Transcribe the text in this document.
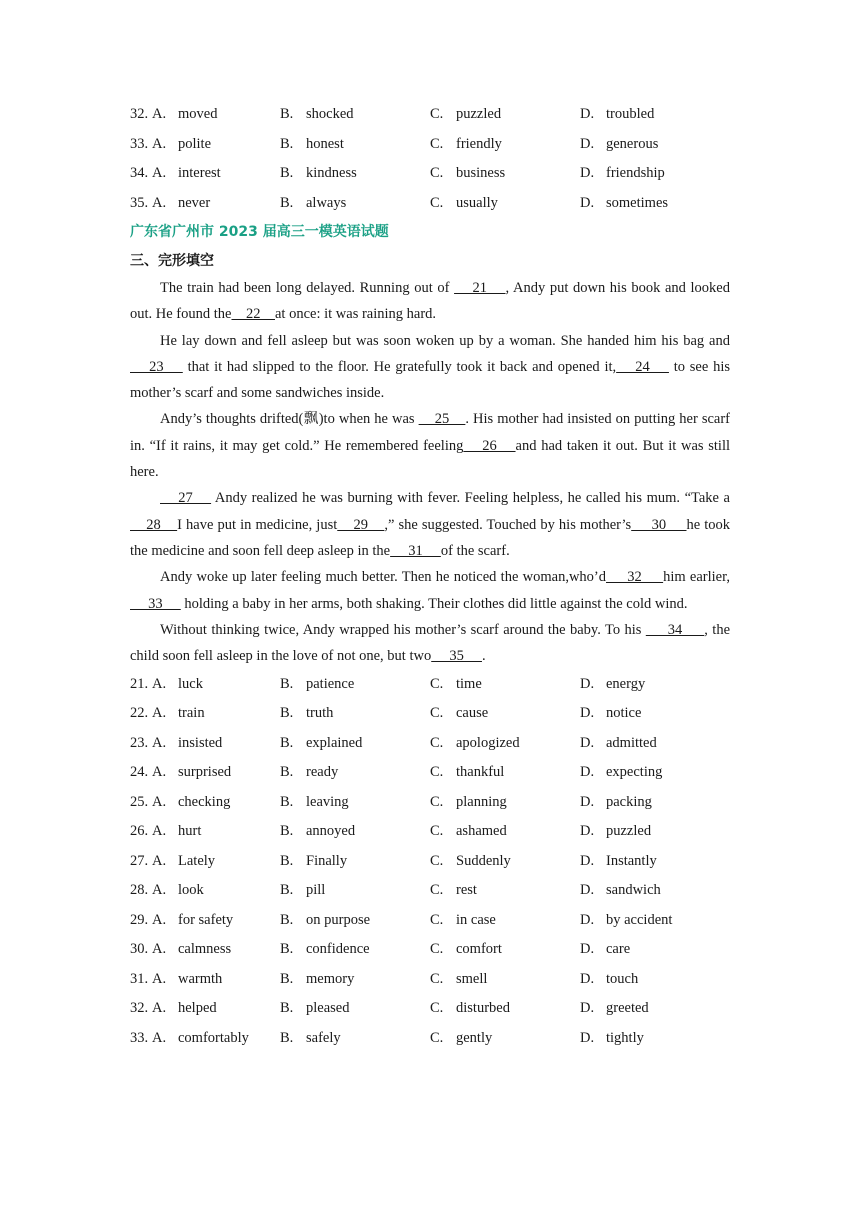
32. A. moved	B. shocked	C. puzzled	D. troubled
33. A. polite	B. honest	C. friendly	D. generous
34. A. interest	B. kindness	C. business	D. friendship
35. A. never	B. always	C. usually	D. sometimes
广东省广州市 2023 届高三一模英语试题
三、完形填空

The train had been long delayed. Running out of     21    , Andy put down his book and looked out. He found the    22    at once: it was raining hard.

He lay down and fell asleep but was soon woken up by a woman. She handed him his bag and     23     that it had slipped to the floor. He gratefully took it back and opened it,    24     to see his mother’s scarf and some sandwiches inside.

Andy’s thoughts drifted(飘)to when he was     25    . His mother had insisted on putting her scarf in. “If it rains, it may get cold.” He remembered feeling    26    and had taken it out. But it was still here.

27     Andy realized he was burning with fever. Feeling helpless, he called his mum. “Take a     28    I have put in medicine, just    29    ,” she suggested. Touched by his mother’s     30     he took the medicine and soon fell deep asleep in the     31     of the scarf.

Andy woke up later feeling much better. Then he noticed the woman,who’d     32     him earlier,      33      holding a baby in her arms, both shaking. Their clothes did little against the cold wind.

Without thinking twice, Andy wrapped his mother’s scarf around the baby. To his      34     , the child soon fell asleep in the love of not one, but two     35     .

21. A. luck	B. patience	C. time	D. energy
22. A. train	B. truth	C. cause	D. notice
23. A. insisted	B. explained	C. apologized	D. admitted
24. A. surprised	B. ready	C. thankful	D. expecting
25. A. checking	B. leaving	C. planning	D. packing
26. A. hurt	B. annoyed	C. ashamed	D. puzzled
27. A. Lately	B. Finally	C. Suddenly	D. Instantly
28. A. look	B. pill	C. rest	D. sandwich
29. A. for safety	B. on purpose	C. in case	D. by accident
30. A. calmness	B. confidence	C. comfort	D. care
31. A. warmth	B. memory	C. smell	D. touch
32. A. helped	B. pleased	C. disturbed	D. greeted
33. A. comfortably B. safely	C. gently	D. tightly
